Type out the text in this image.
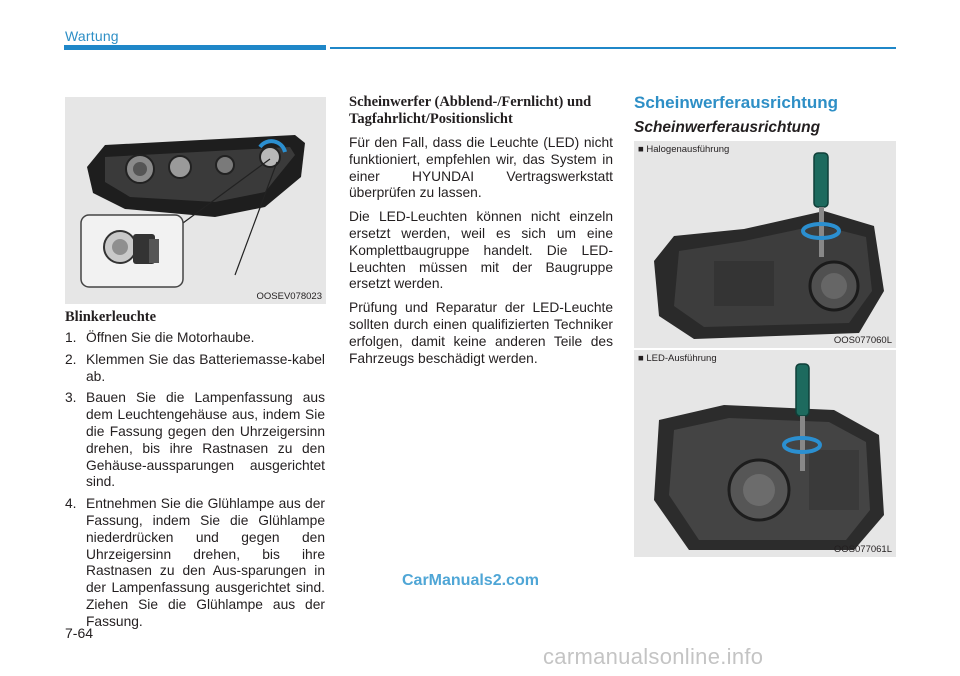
Wartung
OOSEV078023
Blinkerleuchte
1. Öffnen Sie die Motorhaube.
2. Klemmen Sie das Batteriemasse-kabel ab.
3. Bauen Sie die Lampenfassung aus dem Leuchtengehäuse aus, indem Sie die Fassung gegen den Uhrzeigersinn drehen, bis ihre Rastnasen zu den Gehäuse-aussparungen ausgerichtet sind.
4. Entnehmen Sie die Glühlampe aus der Fassung, indem Sie die Glühlampe niederdrücken und gegen den Uhrzeigersinn drehen, bis ihre Rastnasen zu den Aus-sparungen in der Lampenfassung ausgerichtet sind. Ziehen Sie die Glühlampe aus der Fassung.
Scheinwerfer (Abblend-/Fernlicht) und Tagfahrlicht/Positionslicht

Für den Fall, dass die Leuchte (LED) nicht funktioniert, empfehlen wir, das System in einer HYUNDAI Vertragswerkstatt überprüfen zu lassen.

Die LED-Leuchten können nicht einzeln ersetzt werden, weil es sich um eine Komplettbaugruppe handelt. Die LED-Leuchten müssen mit der Baugruppe ersetzt werden.

Prüfung und Reparatur der LED-Leuchte sollten durch einen qualifizierten Techniker erfolgen, damit keine anderen Teile des Fahrzeugs beschädigt werden.

Scheinwerferausrichtung
Scheinwerferausrichtung
■ Halogenausführung
OOS077060L
■ LED-Ausführung
OOS077061L
CarManuals2.com
7-64
carmanualsonline.info
